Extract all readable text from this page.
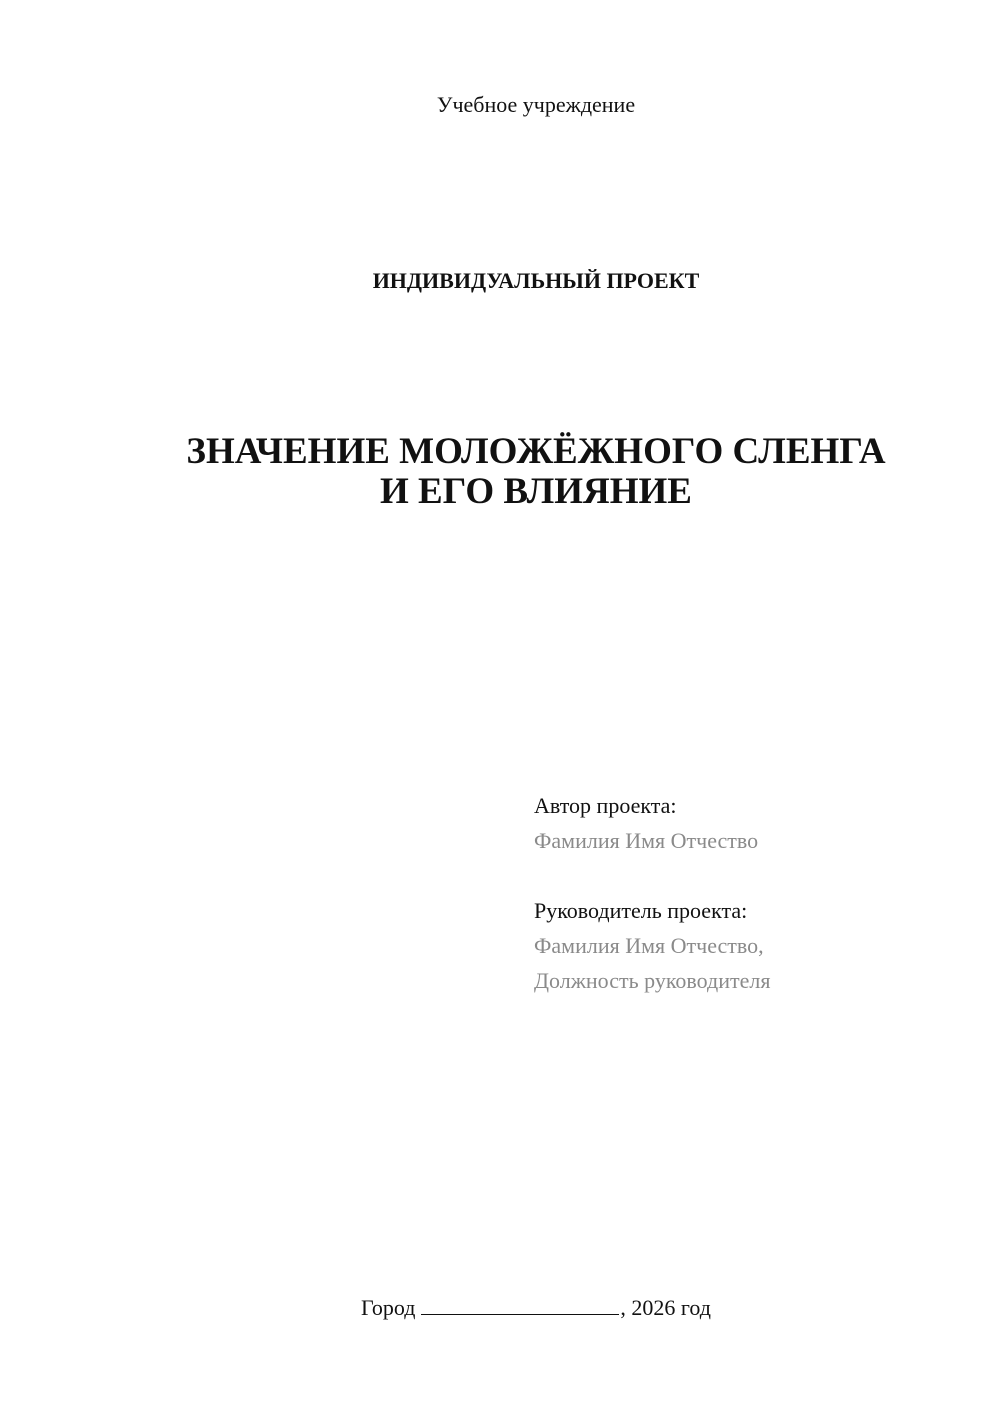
Учебное учреждение
ИНДИВИДУАЛЬНЫЙ ПРОЕКТ
ЗНАЧЕНИЕ МОЛОЖЁЖНОГО СЛЕНГА
И ЕГО ВЛИЯНИЕ
Автор проекта:
Фамилия Имя Отчество
Руководитель проекта:
Фамилия Имя Отчество,
Должность руководителя
Город	, 2026 год
